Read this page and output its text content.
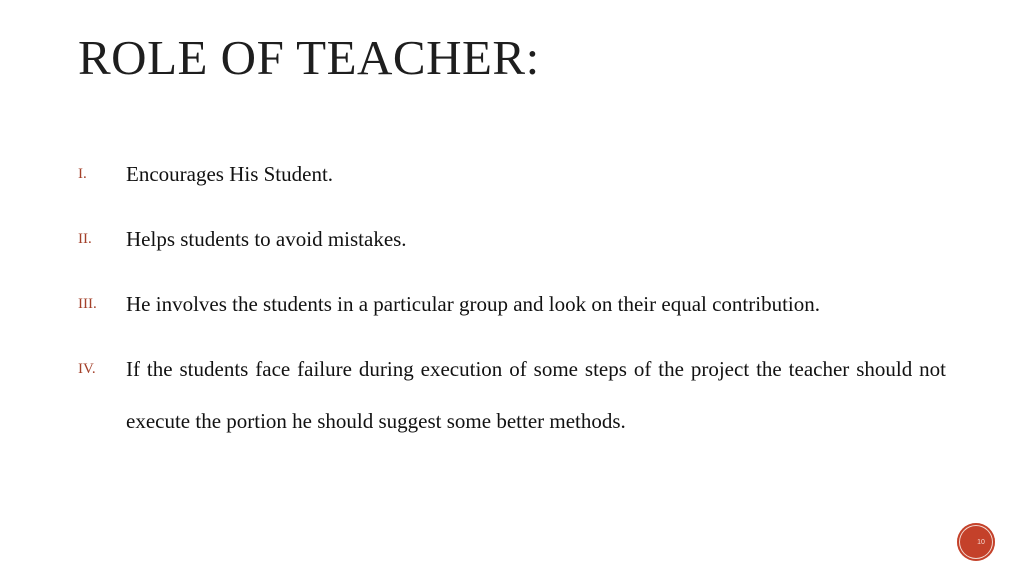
ROLE OF TEACHER:
I. Encourages His Student.
II. Helps students to avoid mistakes.
III. He involves the students in a particular group and look on their equal contribution.
IV. If the students face failure during execution of some steps of the project the teacher should not execute the portion he should suggest some better methods.
10
